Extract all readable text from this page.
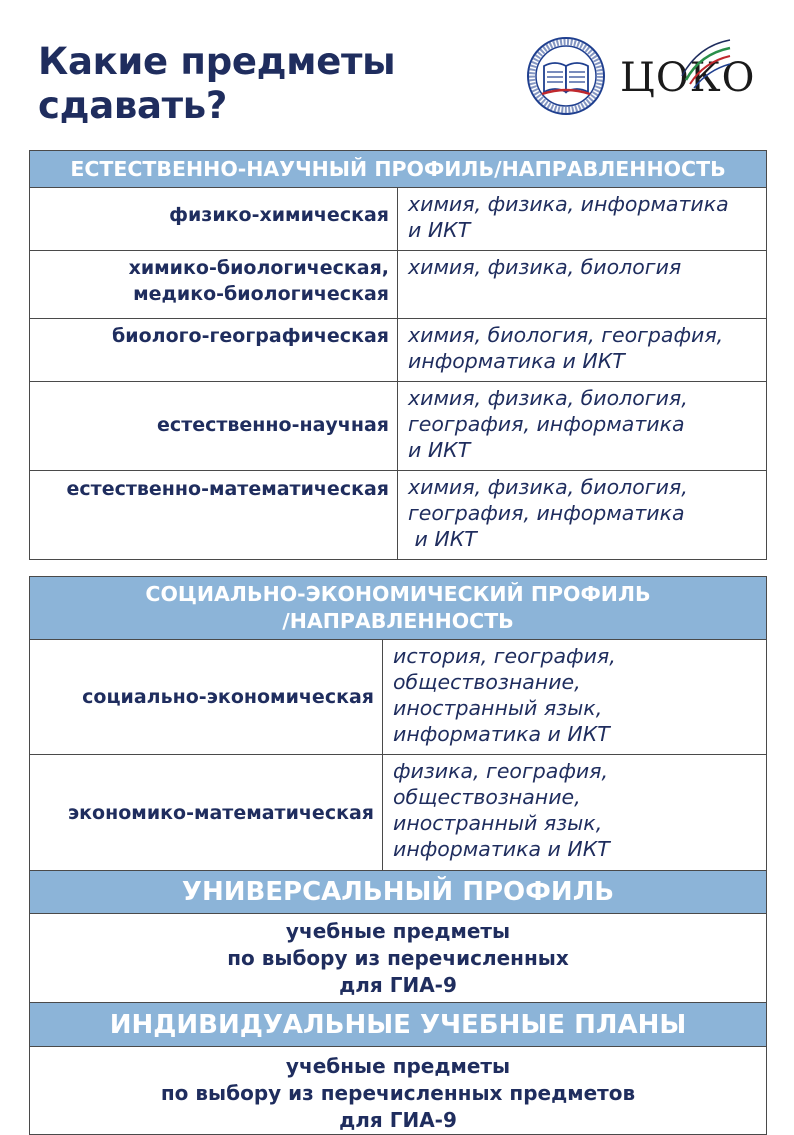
Какие предметы
сдавать?
ЦОКО
ЕСТЕСТВЕННО-НАУЧНЫЙ ПРОФИЛЬ/НАПРАВЛЕННОСТЬ	

физико-химическая	химия, физика, информатика
и ИКТ

химико-биологическая,
медико-биологическая	химия, физика, биология

биолого-географическая	химия, биология, география,
информатика и ИКТ

естественно-научная	химия, физика, биология,
география, информатика
и ИКТ

естественно-математическая	химия, физика, биология,
география, информатика
и ИКТ
СОЦИАЛЬНО-ЭКОНОМИЧЕСКИЙ ПРОФИЛЬ
/НАПРАВЛЕННОСТЬ	

социально-экономическая	история, география,
обществознание,
иностранный язык,
информатика и ИКТ

экономико-математическая	физика, география,
обществознание,
иностранный язык,
информатика и ИКТ

УНИВЕРСАЛЬНЫЙ ПРОФИЛЬ	

учебные предметы
по выбору из перечисленных
для ГИА-9	

ИНДИВИДУАЛЬНЫЕ УЧЕБНЫЕ ПЛАНЫ	

учебные предметы
по выбору из перечисленных предметов
для ГИА-9	
